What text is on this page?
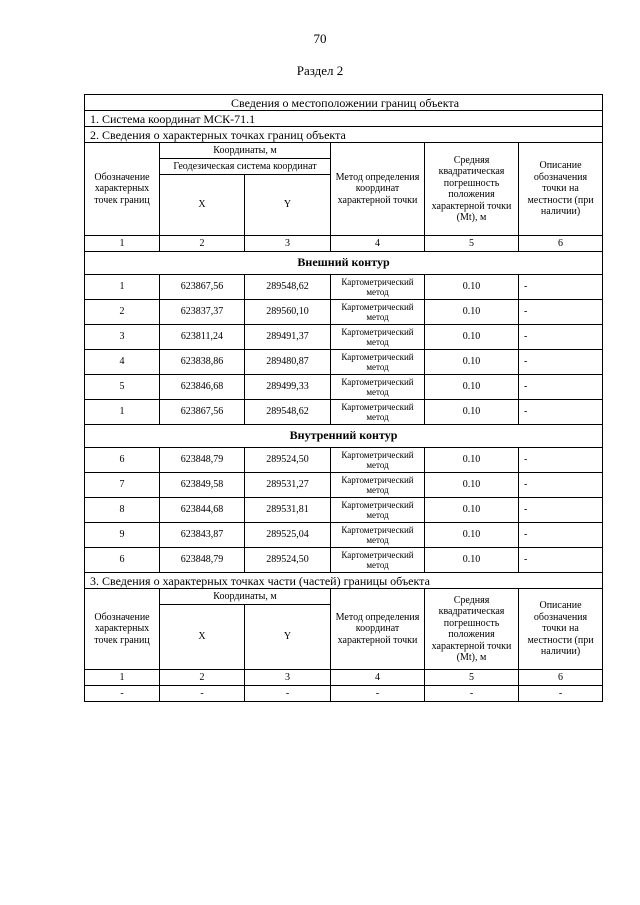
70
Раздел 2
Сведения о местоположении границ объекта					
1. Система координат МСК-71.1					
2. Сведения о характерных точках границ объекта					
Обозначение характерных точек границ	Координаты, м		Метод определения координат характерной точки	Средняя квадратическая погрешность положения характерной точки (Mt), м	Описание обозначения точки на местности (при наличии)
	Геодезическая система координат				
	X	Y			
1	2	3	4	5	6
Внешний контур					
1	623867,56	289548,62	Картометрический метод	0.10	-
2	623837,37	289560,10	Картометрический метод	0.10	-
3	623811,24	289491,37	Картометрический метод	0.10	-
4	623838,86	289480,87	Картометрический метод	0.10	-
5	623846,68	289499,33	Картометрический метод	0.10	-
1	623867,56	289548,62	Картометрический метод	0.10	-
Внутренний контур					
6	623848,79	289524,50	Картометрический метод	0.10	-
7	623849,58	289531,27	Картометрический метод	0.10	-
8	623844,68	289531,81	Картометрический метод	0.10	-
9	623843,87	289525,04	Картометрический метод	0.10	-
6	623848,79	289524,50	Картометрический метод	0.10	-
3. Сведения о характерных точках части (частей) границы объекта					
Обозначение характерных точек границ	Координаты, м		Метод определения координат характерной точки	Средняя квадратическая погрешность положения характерной точки (Mt), м	Описание обозначения точки на местности (при наличии)
	X	Y			
1	2	3	4	5	6
-	-	-	-	-	-
